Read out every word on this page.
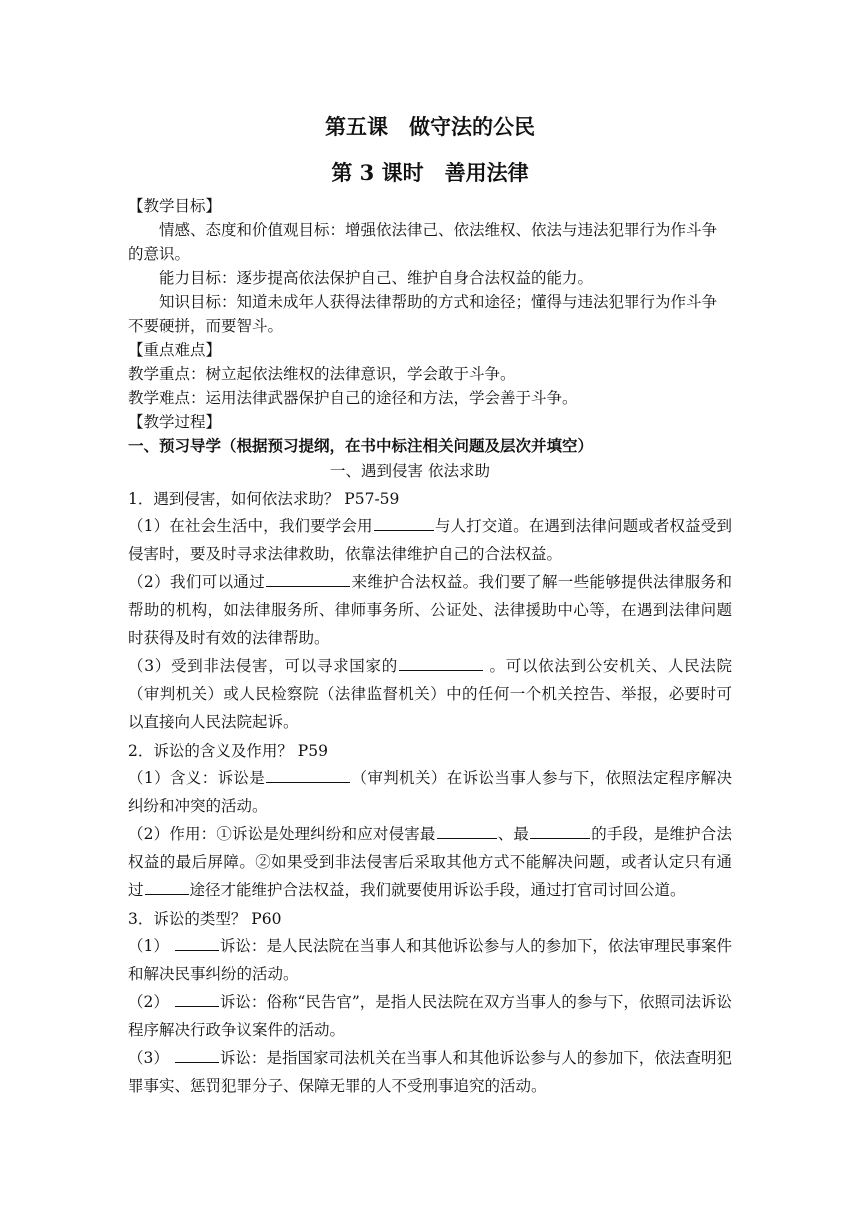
第五课　做守法的公民
第 3 课时　善用法律
【教学目标】
情感、态度和价值观目标：增强依法律己、依法维权、依法与违法犯罪行为作斗争的意识。
能力目标：逐步提高依法保护自己、维护自身合法权益的能力。
知识目标：知道未成年人获得法律帮助的方式和途径；懂得与违法犯罪行为作斗争不要硬拼，而要智斗。
【重点难点】
教学重点：树立起依法维权的法律意识，学会敢于斗争。
教学难点：运用法律武器保护自己的途径和方法，学会善于斗争。
【教学过程】
一、预习导学（根据预习提纲，在书中标注相关问题及层次并填空）
一、遇到侵害 依法求助
1．遇到侵害，如何依法求助？ P57-59
（1）在社会生活中，我们要学会用	与人打交道。在遇到法律问题或者权益受到侵害时，要及时寻求法律救助，依靠法律维护自己的合法权益。
（2）我们可以通过	来维护合法权益。我们要了解一些能够提供法律服务和帮助的机构，如法律服务所、律师事务所、公证处、法律援助中心等，在遇到法律问题时获得及时有效的法律帮助。
（3）受到非法侵害，可以寻求国家的	。可以依法到公安机关、人民法院（审判机关）或人民检察院（法律监督机关）中的任何一个机关控告、举报，必要时可以直接向人民法院起诉。
2．诉讼的含义及作用？ P59
（1）含义：诉讼是	（审判机关）在诉讼当事人参与下，依照法定程序解决纠纷和冲突的活动。
（2）作用：①诉讼是处理纠纷和应对侵害最	、最	的手段，是维护合法权益的最后屏障。②如果受到非法侵害后采取其他方式不能解决问题，或者认定只有通过	途径才能维护合法权益，我们就要使用诉讼手段，通过打官司讨回公道。
3．诉讼的类型？ P60
（1）	诉讼：是人民法院在当事人和其他诉讼参与人的参加下，依法审理民事案件和解决民事纠纷的活动。
（2）	诉讼：俗称“民告官”，是指人民法院在双方当事人的参与下，依照司法诉讼程序解决行政争议案件的活动。
（3）	诉讼：是指国家司法机关在当事人和其他诉讼参与人的参加下，依法查明犯罪事实、惩罚犯罪分子、保障无罪的人不受刑事追究的活动。
